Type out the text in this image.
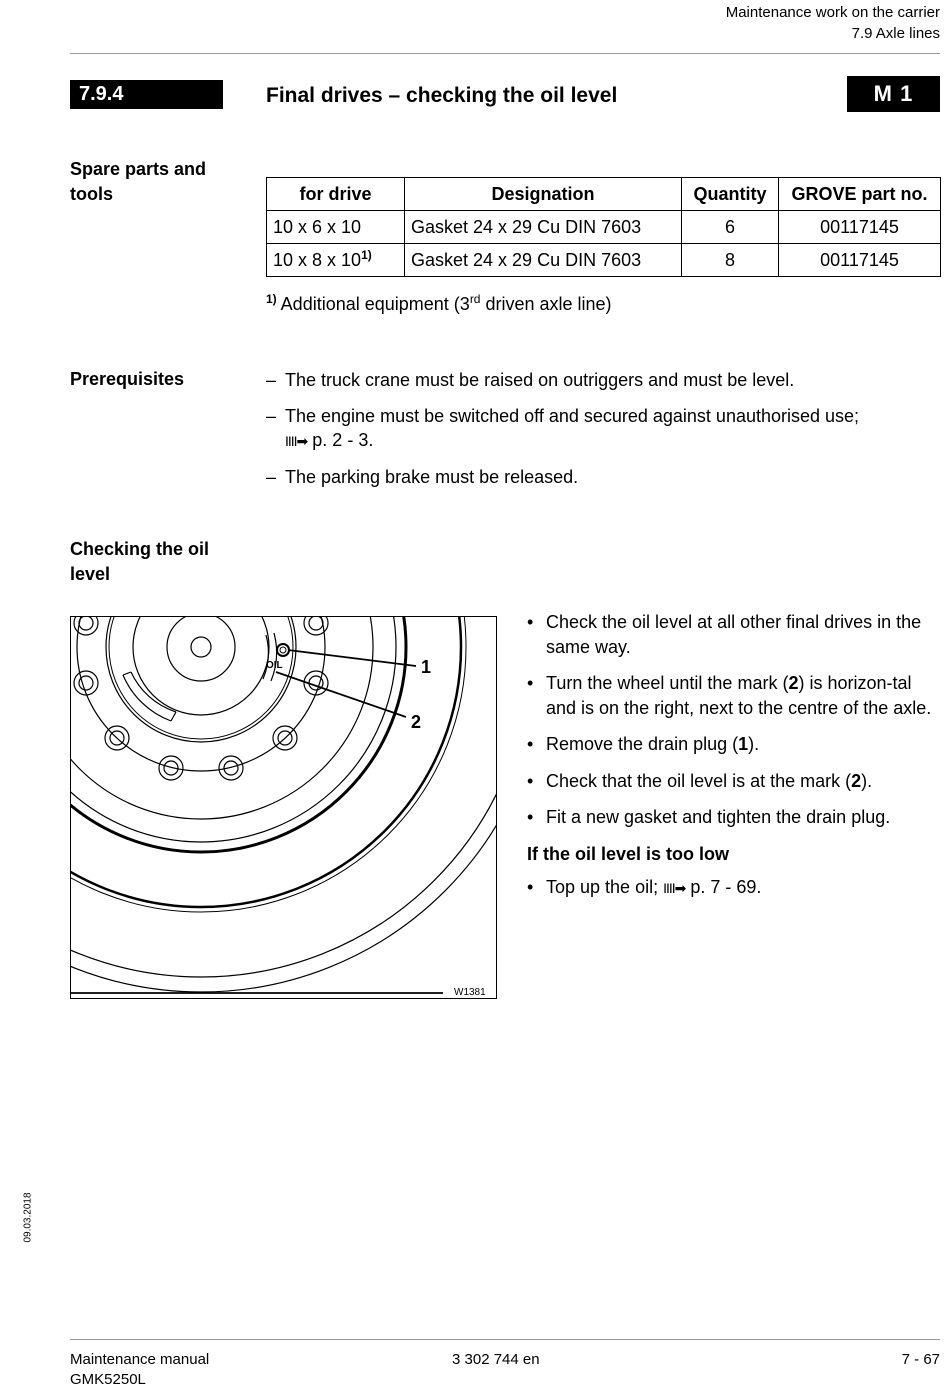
Maintenance work on the carrier
7.9 Axle lines
7.9.4	Final drives – checking the oil level	M 1
Spare parts and tools	for drive	Designation	Quantity	GROVE part no.
10 x 6 x 10	Gasket 24 x 29 Cu DIN 7603	6	00117145
10 x 8 x 10$^{1)}$	Gasket 24 x 29 Cu DIN 7603	8	00117145
$^{1)}$ Additional equipment (3rd driven axle line)
Prerequisites	– The truck crane must be raised on outriggers and must be level.
– The engine must be switched off and secured against unauthorised use;
IIII➡ p. 2 - 3.
– The parking brake must be released.
Checking the oil level
OIL	1
2
W1381
• Check the oil level at all other final drives in the same way.
• Turn the wheel until the mark (2) is horizon-tal and is on the right, next to the centre of the axle.
• Remove the drain plug (1).
• Check that the oil level is at the mark (2).
• Fit a new gasket and tighten the drain plug.
If the oil level is too low
• Top up the oil; IIII➡ p. 7 - 69.
09.03.2018
Maintenance manual
GMK5250L
3 302 744 en	7 - 67
